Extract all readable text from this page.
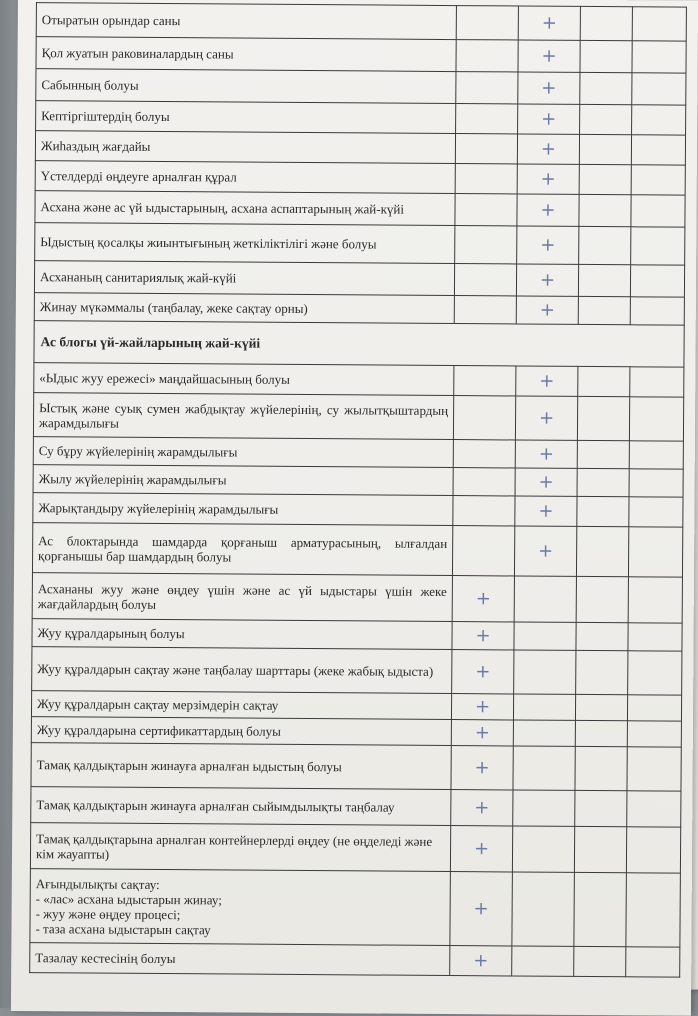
Отыратын орындар саны		+		
Қол жуатын раковиналардың саны		+		
Сабынның болуы		+		
Кептіргіштердің болуы		+		
Жиһаздың жағдайы		+		
Үстелдерді өңдеуге арналған құрал		+		
Асхана және ас үй ыдыстарының, асхана аспаптарының жай-күйі		+		
Ыдыстың қосалқы жиынтығының жеткіліктілігі және болуы		+		
Асхананың санитариялық жай-күйі		+		
Жинау мүкәммалы (таңбалау, жеке сақтау орны)		+		
Ас блогы үй-жайларының жай-күйі				
«Ыдыс жуу ережесі» маңдайшасының болуы		+		
Ыстық және суық сумен жабдықтау жүйелерінің, су жылытқыштардың жарамдылығы		+		
Су бұру жүйелерінің жарамдылығы		+		
Жылу жүйелерінің жарамдылығы		+		
Жарықтандыру жүйелерінің жарамдылығы		+		
Ас блоктарында шамдарда қорғаныш арматурасының, ылғалдан қорғанышы бар шамдардың болуы		+		
Асхананы жуу және өңдеу үшін және ас үй ыдыстары үшін жеке жағдайлардың болуы	+			
Жуу құралдарының болуы	+			
Жуу құралдарын сақтау және таңбалау шарттары (жеке жабық ыдыста)	+			
Жуу құралдарын сақтау мерзімдерін сақтау	+			
Жуу құралдарына сертификаттардың болуы	+			
Тамақ қалдықтарын жинауға арналған ыдыстың болуы	+			
Тамақ қалдықтарын жинауға арналған сыйымдылықты таңбалау	+			
Тамақ қалдықтарына арналған контейнерлерді өңдеу (не өңделеді және кім жауапты)	+			

Ағындылықты сақтау:
- «лас» асхана ыдыстарын жинау;
- жуу және өңдеу процесі;
- таза асхана ыдыстарын сақтау	+			
Тазалау кестесінің болуы	+			
